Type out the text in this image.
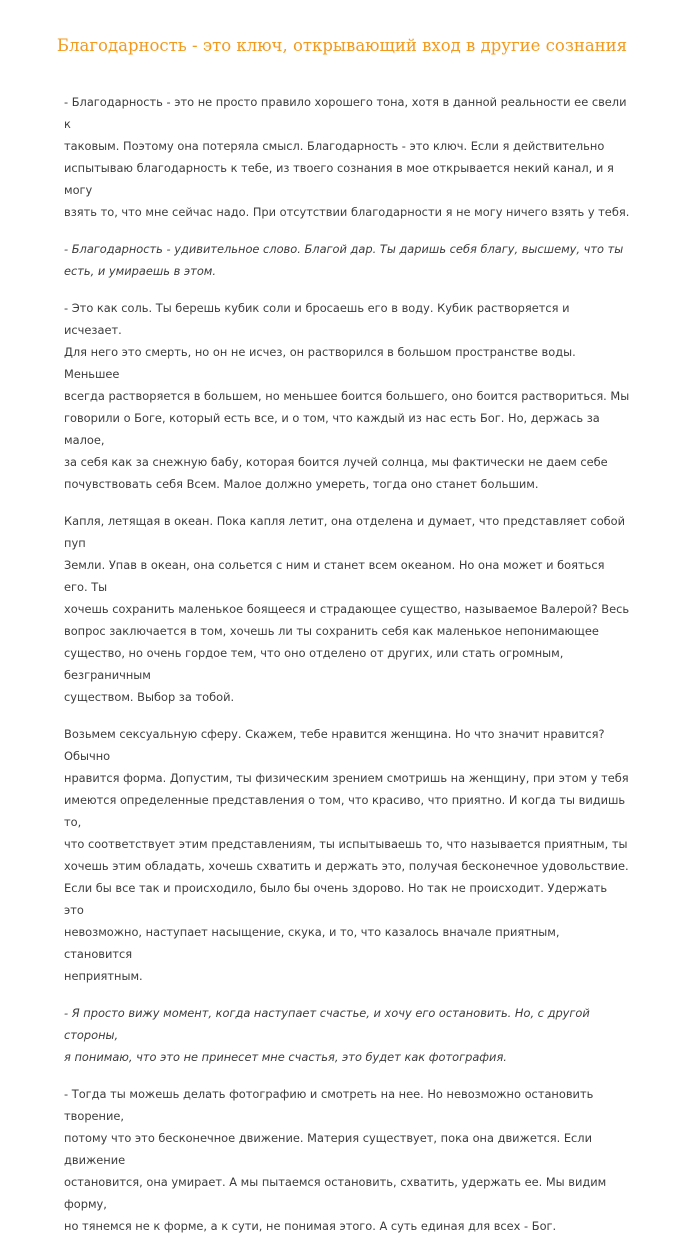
Благодарность - это ключ, открывающий вход в другие сознания

- Благодарность - это не просто правило хорошего тона, хотя в данной реальности ее свели к
таковым. Поэтому она потеряла смысл. Благодарность - это ключ. Если я действительно
испытываю благодарность к тебе, из твоего сознания в мое открывается некий канал, и я могу
взять то, что мне сейчас надо. При отсутствии благодарности я не могу ничего взять у тебя.

- Благодарность - удивительное слово. Благой дар. Ты даришь себя благу, высшему, что ты
есть, и умираешь в этом.

- Это как соль. Ты берешь кубик соли и бросаешь его в воду. Кубик растворяется и исчезает.
Для него это смерть, но он не исчез, он растворился в большом пространстве воды. Меньшее
всегда растворяется в большем, но меньшее боится большего, оно боится раствориться. Мы
говорили о Боге, который есть все, и о том, что каждый из нас есть Бог. Но, держась за малое,
за себя как за снежную бабу, которая боится лучей солнца, мы фактически не даем себе
почувствовать себя Всем. Малое должно умереть, тогда оно станет большим.

Капля, летящая в океан. Пока капля летит, она отделена и думает, что представляет собой пуп
Земли. Упав в океан, она сольется с ним и станет всем океаном. Но она может и бояться его. Ты
хочешь сохранить маленькое боящееся и страдающее существо, называемое Валерой? Весь
вопрос заключается в том, хочешь ли ты сохранить себя как маленькое непонимающее
существо, но очень гордое тем, что оно отделено от других, или стать огромным, безграничным
существом. Выбор за тобой.

Возьмем сексуальную сферу. Скажем, тебе нравится женщина. Но что значит нравится? Обычно
нравится форма. Допустим, ты физическим зрением смотришь на женщину, при этом у тебя
имеются определенные представления о том, что красиво, что приятно. И когда ты видишь то,
что соответствует этим представлениям, ты испытываешь то, что называется приятным, ты
хочешь этим обладать, хочешь схватить и держать это, получая бесконечное удовольствие.
Если бы все так и происходило, было бы очень здорово. Но так не происходит. Удержать это
невозможно, наступает насыщение, скука, и то, что казалось вначале приятным, становится
неприятным.

- Я просто вижу момент, когда наступает счастье, и хочу его остановить. Но, с другой стороны,
я понимаю, что это не принесет мне счастья, это будет как фотография.

- Тогда ты можешь делать фотографию и смотреть на нее. Но невозможно остановить творение,
потому что это бесконечное движение. Материя существует, пока она движется. Если движение
остановится, она умирает. А мы пытаемся остановить, схватить, удержать ее. Мы видим форму,
но тянемся не к форме, а к сути, не понимая этого. А суть единая для всех - Бог.
